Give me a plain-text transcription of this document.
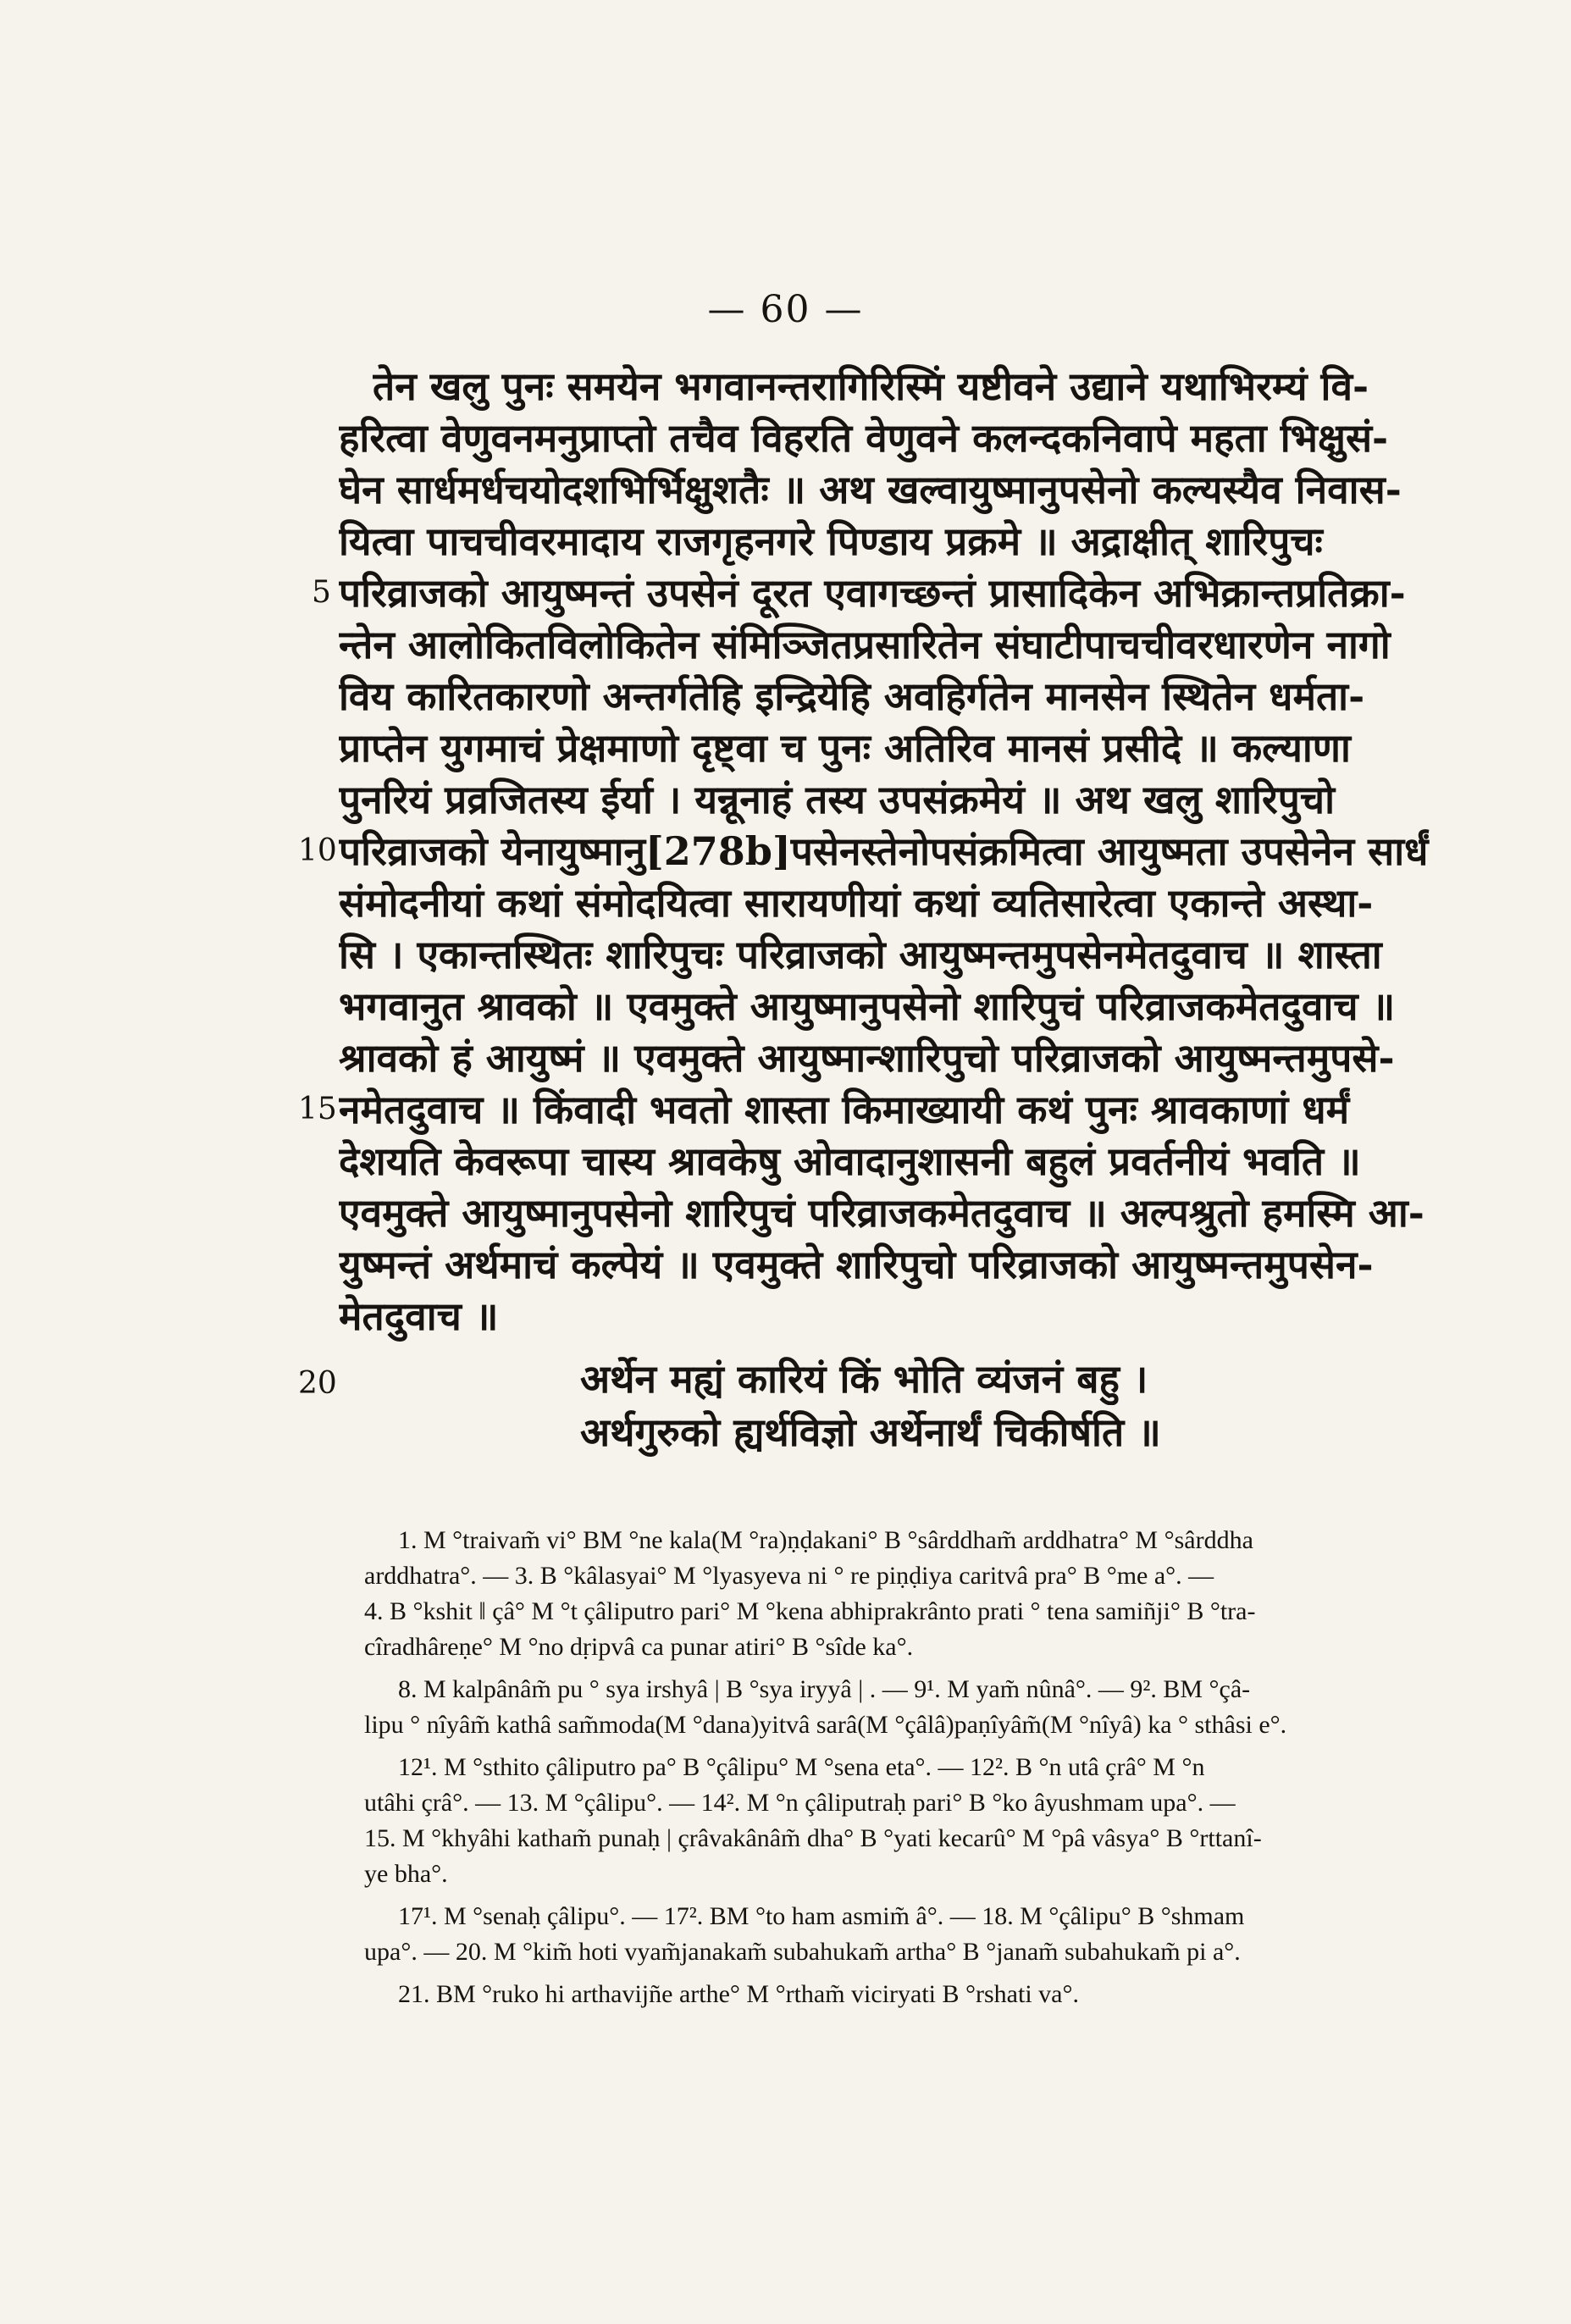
— 60 —
तेन खलु पुनः समयेन भगवानन्तरागिरिस्मिं यष्टीवने उद्याने यथाभिरम्यं वि-
हरित्वा वेणुवनमनुप्राप्तो तचैव विहरति वेणुवने कलन्दकनिवापे महता भिक्षुसं-
घेन सार्धमर्धचयोदशभिर्भिक्षुशतैः ॥ अथ खल्वायुष्मानुपसेनो कल्यस्यैव निवास-
यित्वा पाचचीवरमादाय राजगृहनगरे पिण्डाय प्रक्रमे ॥ अद्राक्षीत् शारिपुचः
5 परिव्राजको आयुष्मन्तं उपसेनं दूरत एवागच्छन्तं प्रासादिकेन अभिक्रान्तप्रतिक्रा-
न्तेन आलोकितविलोकितेन संमिञ्जितप्रसारितेन संघाटीपाचचीवरधारणेन नागो
विय कारितकारणो अन्तर्गतेहि इन्द्रियेहि अवहिर्गतेन मानसेन स्थितेन धर्मता-
प्राप्तेन युगमाचं प्रेक्षमाणो दृष्ट्वा च पुनः अतिरिव मानसं प्रसीदे ॥ कल्याणा
पुनरियं प्रव्रजितस्य ईर्या । यन्नूनाहं तस्य उपसंक्रमेयं ॥ अथ खलु शारिपुचो
10 परिव्राजको येनायुष्मानु[278b]पसेनस्तेनोपसंक्रमित्वा आयुष्मता उपसेनेन सार्धं
संमोदनीयां कथां संमोदयित्वा सारायणीयां कथां व्यतिसारेत्वा एकान्ते अस्था-
सि । एकान्तस्थितः शारिपुचः परिव्राजको आयुष्मन्तमुपसेनमेतदुवाच ॥ शास्ता
भगवानुत श्रावको ॥ एवमुक्ते आयुष्मानुपसेनो शारिपुचं परिव्राजकमेतदुवाच ॥
श्रावको हं आयुष्मं ॥ एवमुक्ते आयुष्मान्शारिपुचो परिव्राजको आयुष्मन्तमुपसे-
15 नमेतदुवाच ॥ किंवादी भवतो शास्ता किमाख्यायी कथं पुनः श्रावकाणां धर्मं
देशयति केवरूपा चास्य श्रावकेषु ओवादानुशासनी बहुलं प्रवर्तनीयं भवति ॥
एवमुक्ते आयुष्मानुपसेनो शारिपुचं परिव्राजकमेतदुवाच ॥ अल्पश्रुतो हमस्मि आ-
युष्मन्तं अर्थमाचं कल्पेयं ॥ एवमुक्ते शारिपुचो परिव्राजको आयुष्मन्तमुपसेन-
मेतदुवाच ॥
20	अर्थेन मह्यं कारियं किं भोति व्यंजनं बहु ।
अर्थगुरुको ह्यर्थविज्ञो अर्थेनार्थं चिकीर्षति ॥
1. M °traivam̃ vi° BM °ne kala(M °ra)ṇḍakani° B °sârddham̃ arddhatra° M °sârddha
arddhatra°. — 3. B °kâlasyai° M °lyasyeva ni ° re piṇḍiya caritvâ pra° B °me a°. —
4. B °kshit ‖ çâ° M °t çâliputro pari° M °kena abhiprakrânto prati ° tena samiñji° B °tra-
cîradhâreṇe° M °no dṛipvâ ca punar atiri° B °sîde ka°.
8. M kalpânâm̃ pu ° sya irshyâ | B °sya iryyâ | . — 9¹. M yam̃ nûnâ°. — 9². BM °çâ-
lipu ° nîyâm̃ kathâ sam̃moda(M °dana)yitvâ sarâ(M °çâlâ)paṇîyâm̃(M °nîyâ) ka ° sthâsi e°.
12¹. M °sthito çâliputro pa° B °çâlipu° M °sena eta°. — 12². B °n utâ çrâ° M °n
utâhi çrâ°. — 13. M °çâlipu°. — 14². M °n çâliputraḥ pari° B °ko âyushmam upa°. —
15. M °khyâhi katham̃ punaḥ | çrâvakânâm̃ dha° B °yati kecarû° M °pâ vâsya° B °rttanî-
ye bha°.
17¹. M °senaḥ çâlipu°. — 17². BM °to ham asmim̃ â°. — 18. M °çâlipu° B °shmam
upa°. — 20. M °kim̃ hoti vyam̃janakam̃ subahukam̃ artha° B °janam̃ subahukam̃ pi a°.
21. BM °ruko hi arthavijñe arthe° M °rtham̃ viciryati B °rshati va°.
